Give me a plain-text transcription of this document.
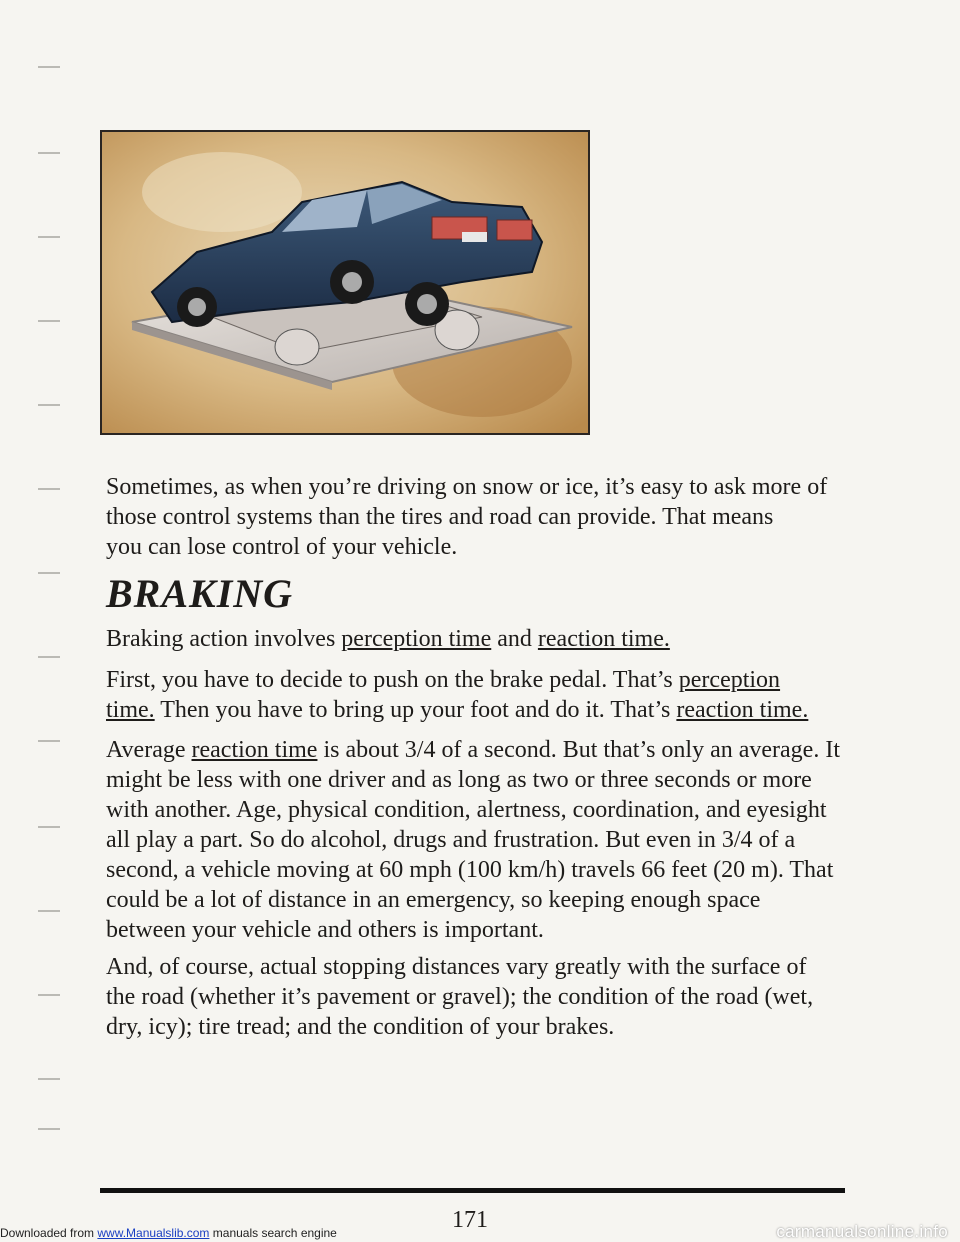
Sometimes, as when you’re driving on snow or ice, it’s easy to ask more of
those control systems than the tires and road can provide. That means
you can lose control of your vehicle.

BRAKING

Braking action involves perception time and reaction time.

First, you have to decide to push on the brake pedal. That’s perception
time. Then you have to bring up your foot and do it. That’s reaction time.

Average reaction time is about 3/4 of a second. But that’s only an average. It might be less with one driver and as long as two or three seconds or more with another. Age, physical condition, alertness, coordination, and eyesight all play a part. So do alcohol, drugs and frustration. But even in 3/4 of a second, a vehicle moving at 60 mph (100 km/h) travels 66 feet (20 m). That could be a lot of distance in an emergency, so keeping enough space between your vehicle and others is important.

And, of course, actual stopping distances vary greatly with the surface of the road (whether it’s pavement or gravel); the condition of the road (wet, dry, icy); tire tread; and the condition of your brakes.

171
Downloaded from www.Manualslib.com manuals search engine	carmanualsonline.info
